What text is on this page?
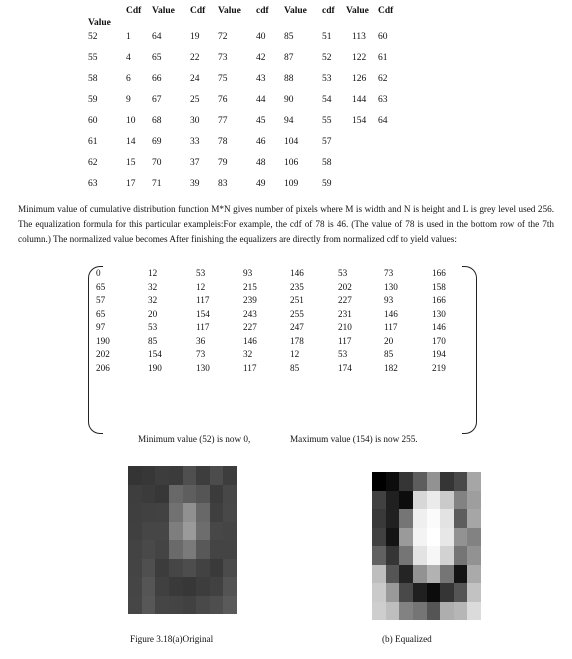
Cdf Value Cdf Value cdf Value cdf Value Cdf
Value
52	1 64	19 72	40 85	51 113 60
55	4 65	22 73	42 87	52 122 61
58	6 66	24 75	43 88	53 126 62
59	9 67	25 76	44 90	54 144 63
60	10 68	30 77	45 94	55 154 64
61	14 69	33 78	46 104	57
62	15 70	37 79	48 106	58
63	17 71	39 83	49 109	59
Minimum value of cumulative distribution function M*N gives number of pixels where M is width and N is height and L is grey level used 256. The equalization formula for this particular exampleis:For example, the cdf of 78 is 46. (The value of 78 is used in the bottom row of the 7th column.) The normalized value becomes After finishing the equalizers are directly from normalized cdf to yield values:
0	12	53	93	146	53	73	166
65	32	12	215	235	202	130	158
57	32	117	239	251	227	93	166
65	20	154	243	255	231	146	130
97	53	117	227	247	210	117	146
190	85	36	146	178	117	20	170
202	154	73	32	12	53	85	194
206	190	130	117	85	174	182	219
Minimum value (52) is now 0,	Maximum value (154) is now 255.
Figure 3.18(a)Original	(b) Equalized
